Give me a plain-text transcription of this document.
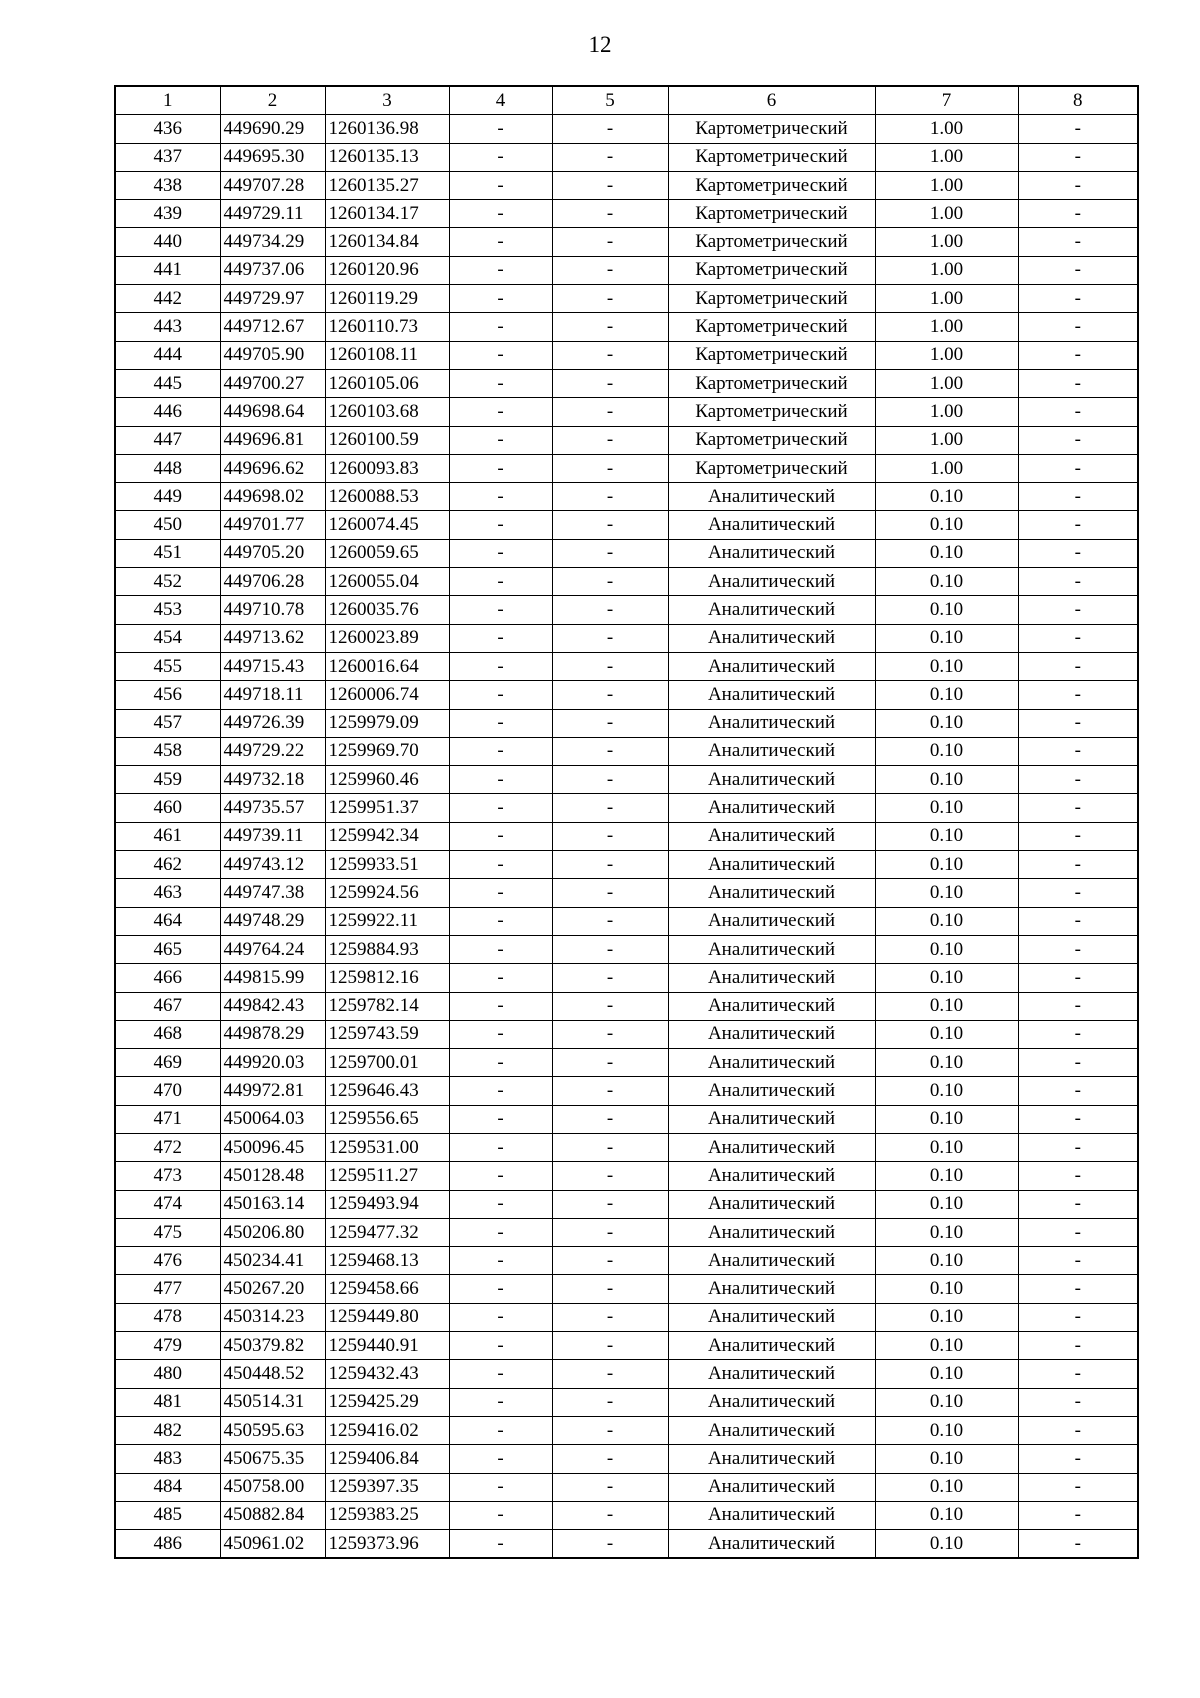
12
1	2	3	4	5	6	7	8
436	449690.29	1260136.98	-	-	Картометрический	1.00	-
437	449695.30	1260135.13	-	-	Картометрический	1.00	-
438	449707.28	1260135.27	-	-	Картометрический	1.00	-
439	449729.11	1260134.17	-	-	Картометрический	1.00	-
440	449734.29	1260134.84	-	-	Картометрический	1.00	-
441	449737.06	1260120.96	-	-	Картометрический	1.00	-
442	449729.97	1260119.29	-	-	Картометрический	1.00	-
443	449712.67	1260110.73	-	-	Картометрический	1.00	-
444	449705.90	1260108.11	-	-	Картометрический	1.00	-
445	449700.27	1260105.06	-	-	Картометрический	1.00	-
446	449698.64	1260103.68	-	-	Картометрический	1.00	-
447	449696.81	1260100.59	-	-	Картометрический	1.00	-
448	449696.62	1260093.83	-	-	Картометрический	1.00	-
449	449698.02	1260088.53	-	-	Аналитический	0.10	-
450	449701.77	1260074.45	-	-	Аналитический	0.10	-
451	449705.20	1260059.65	-	-	Аналитический	0.10	-
452	449706.28	1260055.04	-	-	Аналитический	0.10	-
453	449710.78	1260035.76	-	-	Аналитический	0.10	-
454	449713.62	1260023.89	-	-	Аналитический	0.10	-
455	449715.43	1260016.64	-	-	Аналитический	0.10	-
456	449718.11	1260006.74	-	-	Аналитический	0.10	-
457	449726.39	1259979.09	-	-	Аналитический	0.10	-
458	449729.22	1259969.70	-	-	Аналитический	0.10	-
459	449732.18	1259960.46	-	-	Аналитический	0.10	-
460	449735.57	1259951.37	-	-	Аналитический	0.10	-
461	449739.11	1259942.34	-	-	Аналитический	0.10	-
462	449743.12	1259933.51	-	-	Аналитический	0.10	-
463	449747.38	1259924.56	-	-	Аналитический	0.10	-
464	449748.29	1259922.11	-	-	Аналитический	0.10	-
465	449764.24	1259884.93	-	-	Аналитический	0.10	-
466	449815.99	1259812.16	-	-	Аналитический	0.10	-
467	449842.43	1259782.14	-	-	Аналитический	0.10	-
468	449878.29	1259743.59	-	-	Аналитический	0.10	-
469	449920.03	1259700.01	-	-	Аналитический	0.10	-
470	449972.81	1259646.43	-	-	Аналитический	0.10	-
471	450064.03	1259556.65	-	-	Аналитический	0.10	-
472	450096.45	1259531.00	-	-	Аналитический	0.10	-
473	450128.48	1259511.27	-	-	Аналитический	0.10	-
474	450163.14	1259493.94	-	-	Аналитический	0.10	-
475	450206.80	1259477.32	-	-	Аналитический	0.10	-
476	450234.41	1259468.13	-	-	Аналитический	0.10	-
477	450267.20	1259458.66	-	-	Аналитический	0.10	-
478	450314.23	1259449.80	-	-	Аналитический	0.10	-
479	450379.82	1259440.91	-	-	Аналитический	0.10	-
480	450448.52	1259432.43	-	-	Аналитический	0.10	-
481	450514.31	1259425.29	-	-	Аналитический	0.10	-
482	450595.63	1259416.02	-	-	Аналитический	0.10	-
483	450675.35	1259406.84	-	-	Аналитический	0.10	-
484	450758.00	1259397.35	-	-	Аналитический	0.10	-
485	450882.84	1259383.25	-	-	Аналитический	0.10	-
486	450961.02	1259373.96	-	-	Аналитический	0.10	-
